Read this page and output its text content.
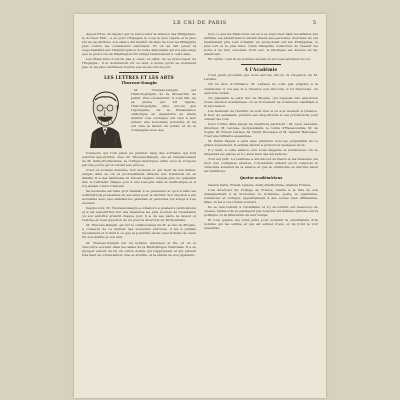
LE CRI DE PARIS	5

Aujourd'hui, un vapeur qui va renouveler la mission des Philippines, le docteur Phil... a eu pour l'Espagne le coup le plus rapide et le plus sûr de sa carrière, son effet a été bientôt de faire de tous les Philippins plus contre les consulteurs nationaux. Et on en fait peser la responsabilité sur l'imprévoyance de notre diplomatie qui n'a pas exigé que le protocole de Washington fût rédigé relativement à cette date.

Les Etats-Unis n'ont-ils pas à cœur, en effet, de se préoccuper de l'Espagne : il le domineront tôt ou tard, à moins qu'ils ne dominent pas, et les plus ambitieux d'entre eux en auront un jour.

LES LETTRES ET LES ARTS
Thureau-Dangin

M. Thureau-Dangin est l'historiographe de la Monarchie de Juillet. Plus récemment, il s'est fait, de sa plume qui fut rapide, l'historiographe, plus encore que l'apologiste, de la Renaissance catholique en Angleterre au siècle dernier. Ces ouvrages ont valu à leur auteur une honorable notoriété et lui ont valu la faveur du public et de la Compagnie avec des

honneurs qui l'ont placé au premier rang des écrivains qui font autorité aujourd'hui. Avec M. Thureau-Dangin, élu en remplacement de M. Sully-Prudhomme, la critique historique entre sous la Coupole par une porte qu'on n'avait pas prévue.

C'est un homme honnête, fort modeste et qui tient de son milieu, simple dans sa vie et profondément attaché aux traditions de sa famille. Il a des habitudes de travail réglées. Depuis plus de quarante ans, il s'astreint chaque jour à une besogne utile et méthodique et il n'a jamais connu l'oisiveté.

Sa modestie est telle qu'il hésitait à se présenter et qu'il a fallu les sollicitations pressantes de ses amis pour le décider. Son élection a été accueillie avec une satisfaction générale et personne n'a songé à s'en étonner.

Depuis lors, M. Thureau-Dangin a collaboré à plusieurs publications et il est aujourd'hui l'un des membres les plus écoutés de l'Académie où son autorité grandit chaque jour. Il a, de ses pairs, la faveur et l'estime et il est question de lui pour la direction du Dictionnaire.

M. Thureau-Dangin, qui fut le collaborateur de M. le duc de Broglie, a conservé de ce dernier des souvenirs précieux, il les a publiés récemment et il tient à ce que la postérité sache quel homme de cœur fut son maître et son ami.

M. Thureau-Dangin est un homme laborieux et fin, et on le rencontre souvent dans les salles de la Bibliothèque Nationale. Il a su grouper autour de lui un cercle d'amis qui l'apprécient et qui prisent très haut sa conversation, fine et érudite, et la sûreté de son jugement.

tout ce que les Etats-Unis ont eu à se reprocher dans les affaires des Antilles, les Américains le savent mieux que personne. Pourtant, ils ont maintenant pris soin d'établir un protectorat sur les Philippines, le plus fort et le plus libre. Cette tranquille conviction de l'avenir les porte à ne rien concéder. Pour eux, le Pacifique est devenu un lac américain.

En vérité, c'est là un homme de bien et un loyal serviteur du roi.

A l'Académie

C'est jeudi prochain que nous aurons, dit-on, la réception de M. Lavisse.

On ne lève d'ordinaire, M. Lavisse ne s'est pas préparé à la cérémonie, il n'a pas lu à l'avance son discours, il l'a improvisé. Ce sera très vivant.

On plaisante le petit duc de Broglie, qui rappelle des anecdotes d'une élection académique où se trouvaient de nombreux candidats à la succession.

Les fauteuils de l'Institut ne sont rien si on a le moment à l'avance. Il faut, au préalable, prendre ses dispositions et ses précautions pour obtenir les voix.

Voici l'ordre dans lequel les membres parleront : M. Léon Lavedan, directeur, M. Lavisse, récipiendaire, le comte d'Haussonville, M. de Vogüé, M. Ernest Lavisse, M. Henri Houssaye et M. Gabriel Hanotaux. C'est une brillante assemblée.

M. Emile Faguet a suivi avec attention tous les préparatifs de ce grand événement. Il semble décidé à prononcer quelques mots.

Il y aura, à cette séance, une foule élégante et nombreuse. On se disputera les places et il y aura bien des déceptions.

Tout est prêt. Le vestibule a été décoré de fleurs et les huissiers ont reçu des consignes sévères. L'Académie entend qu'on respecte le caractère solennel de la séance et que la cérémonie se déroule selon les traditions.

Quatre académiciens

Gaston Paris, Ernest Lavisse, Sully-Prudhomme, Anatole France.

L'un directeur du Collège de France, l'autre à la tête de son enseignement à la Sorbonne, le troisième, poète, le quatrième, romancier et critique, appartiennent à des écoles bien différentes. Mais on les a vus réunis souvent.

Ils se rencontrent à l'Académie et s'y accordent sur beaucoup de choses, même s'ils ne partagent pas toujours les mêmes opinions sur la politique ou la littérature de leur temps.

Et tous quatre, les voilà prêts pour soutenir la candidature d'un homme qui les estime et qui est estimé d'eux, et ils iront le voir ensemble.
